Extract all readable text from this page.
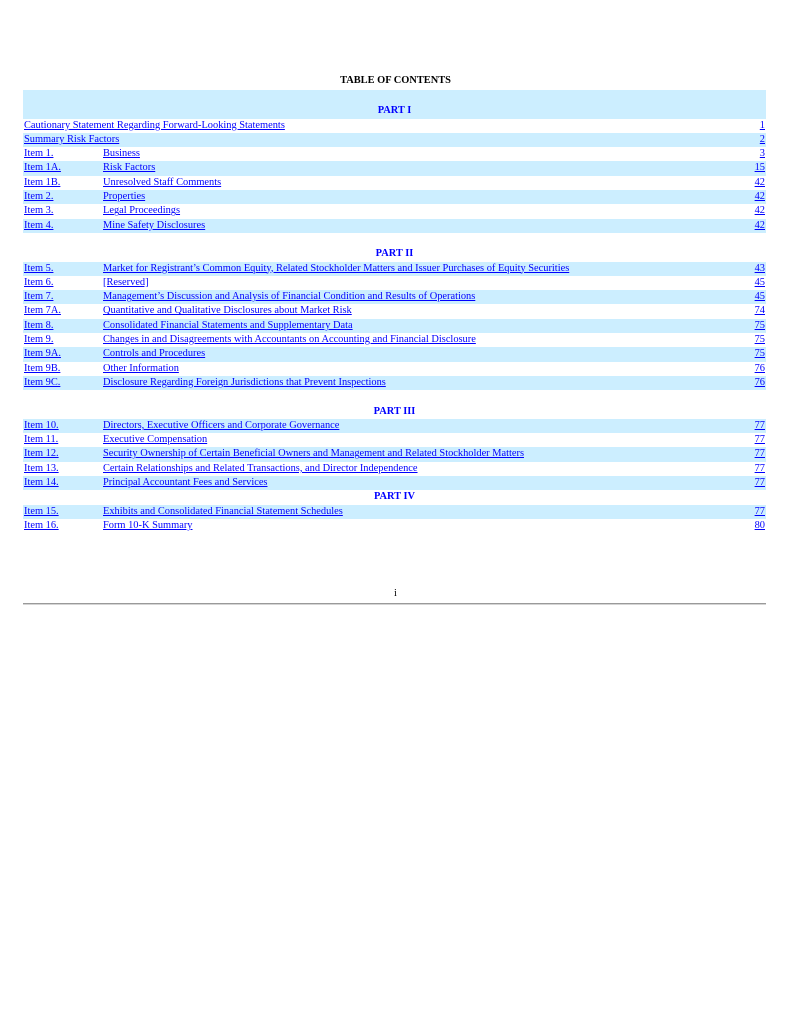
TABLE OF CONTENTS
PART I
Cautionary Statement Regarding Forward-Looking Statements	1
Summary Risk Factors	2
Item 1.	Business	3
Item 1A.	Risk Factors	15
Item 1B.	Unresolved Staff Comments	42
Item 2.	Properties	42
Item 3.	Legal Proceedings	42
Item 4.	Mine Safety Disclosures	42
PART II
Item 5.	Market for Registrant’s Common Equity, Related Stockholder Matters and Issuer Purchases of Equity Securities	43
Item 6.	[Reserved]	45
Item 7.	Management’s Discussion and Analysis of Financial Condition and Results of Operations	45
Item 7A.	Quantitative and Qualitative Disclosures about Market Risk	74
Item 8.	Consolidated Financial Statements and Supplementary Data	75
Item 9.	Changes in and Disagreements with Accountants on Accounting and Financial Disclosure	75
Item 9A.	Controls and Procedures	75
Item 9B.	Other Information	76
Item 9C.	Disclosure Regarding Foreign Jurisdictions that Prevent Inspections	76
PART III
Item 10.	Directors, Executive Officers and Corporate Governance	77
Item 11.	Executive Compensation	77
Item 12.	Security Ownership of Certain Beneficial Owners and Management and Related Stockholder Matters	77
Item 13.	Certain Relationships and Related Transactions, and Director Independence	77
Item 14.	Principal Accountant Fees and Services	77
PART IV
Item 15.	Exhibits and Consolidated Financial Statement Schedules	77
Item 16.	Form 10-K Summary	80
i
